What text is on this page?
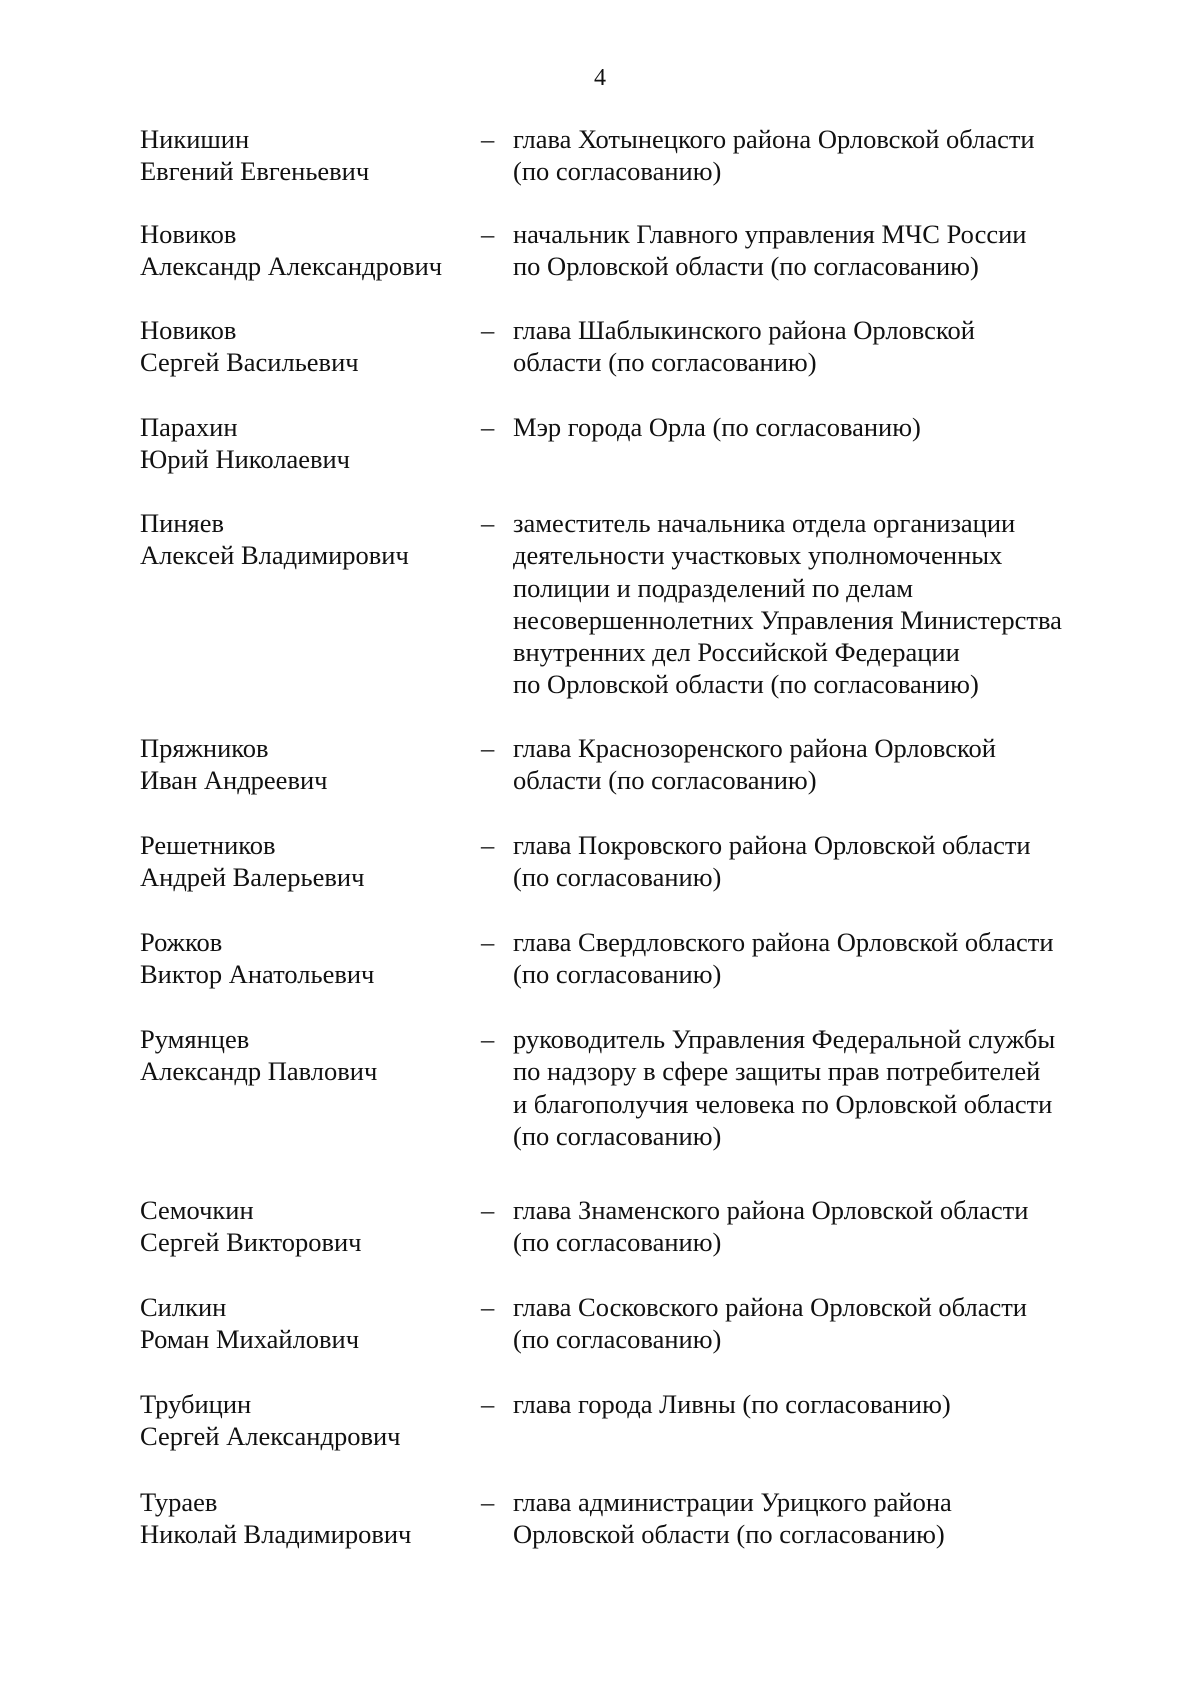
4
Никишин
Евгений Евгеньевич
– глава Хотынецкого района Орловской области
(по согласованию)
Новиков
Александр Александрович
– начальник Главного управления МЧС России
по Орловской области (по согласованию)
Новиков
Сергей Васильевич
– глава Шаблыкинского района Орловской
области (по согласованию)
Парахин
Юрий Николаевич
– Мэр города Орла (по согласованию)
Пиняев
Алексей Владимирович
– заместитель начальника отдела организации
деятельности участковых уполномоченных
полиции и подразделений по делам
несовершеннолетних Управления Министерства
внутренних дел Российской Федерации
по Орловской области (по согласованию)
Пряжников
Иван Андреевич
– глава Краснозоренского района Орловской
области (по согласованию)
Решетников
Андрей Валерьевич
– глава Покровского района Орловской области
(по согласованию)
Рожков
Виктор Анатольевич
– глава Свердловского района Орловской области
(по согласованию)
Румянцев
Александр Павлович
– руководитель Управления Федеральной службы
по надзору в сфере защиты прав потребителей
и благополучия человека по Орловской области
(по согласованию)
Семочкин
Сергей Викторович
– глава Знаменского района Орловской области
(по согласованию)
Силкин
Роман Михайлович
– глава Сосковского района Орловской области
(по согласованию)
Трубицин
Сергей Александрович
– глава города Ливны (по согласованию)
Тураев
Николай Владимирович
– глава администрации Урицкого района
Орловской области (по согласованию)
